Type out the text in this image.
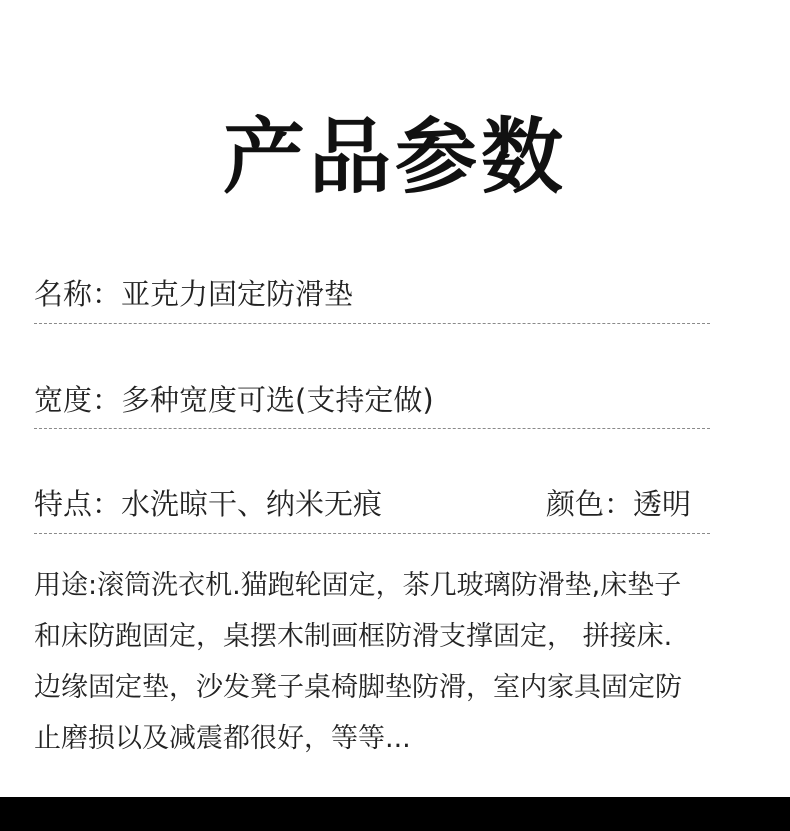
产品参数
名称：亚克力固定防滑垫
宽度：多种宽度可选(支持定做)
特点：水洗晾干、纳米无痕	颜色：透明
用途:滚筒洗衣机.猫跑轮固定，茶几玻璃防滑垫,床垫子
和床防跑固定，桌摆木制画框防滑支撑固定， 拼接床.
边缘固定垫，沙发凳子桌椅脚垫防滑，室内家具固定防
止磨损以及减震都很好，等等...
